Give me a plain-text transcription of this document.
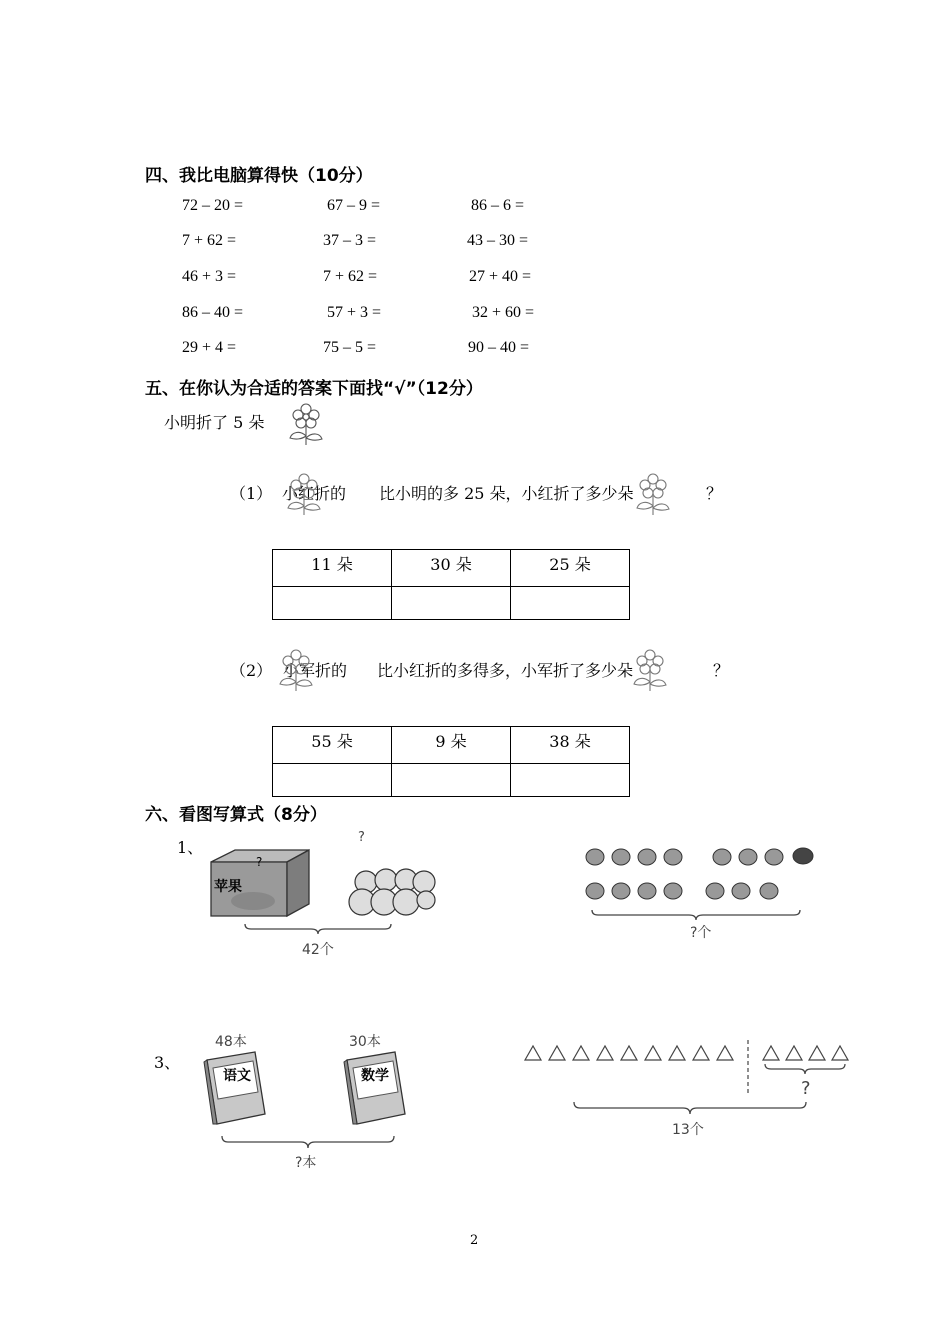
四、我比电脑算得快（10分）
72 – 20 =	67 – 9 =	86 – 6 =
7 + 62 =	37 – 3 =	43 – 30 =
46 + 3 =	7 + 62 =	27 + 40 =
86 – 40 =	57 + 3 =	32 + 60 =
29 + 4 =	75 – 5 =	90 – 40 =
五、在你认为合适的答案下面找“√”（12分）
小明折了 5 朵
（1） 小红折的 比小明的多 25 朵，小红折了多少朵	？
11 朵	30 朵	25 朵

（2） 小军折的 比小红折的多得多，小军折了多少朵	？
55 朵	9 朵	38 朵

六、看图写算式（8分）
1、
?
?
苹果
42个
?个
3、
48本	30本
语文	数学
?本
?
13个
2
